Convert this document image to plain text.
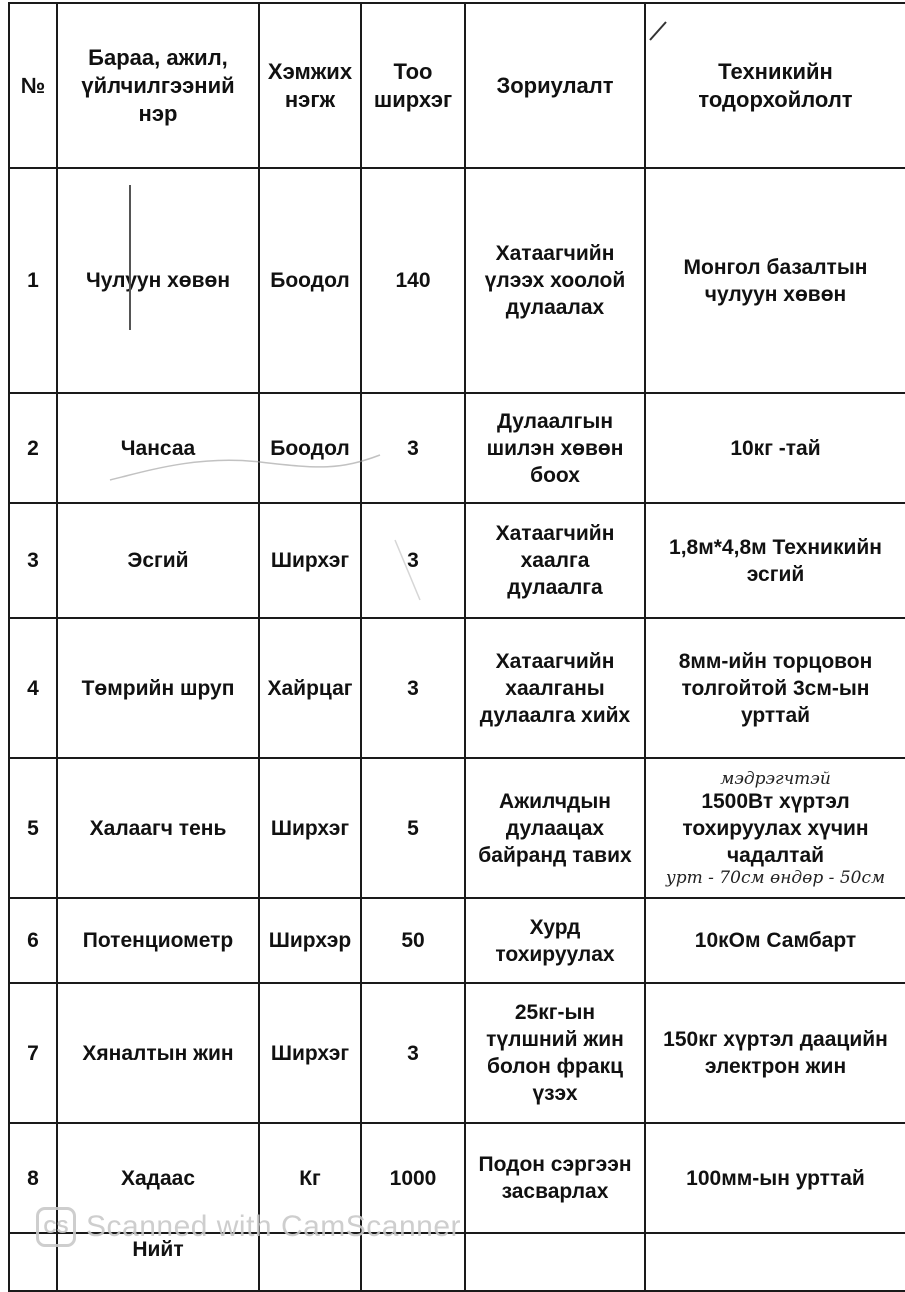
№	Бараа, ажил, үйлчилгээний нэр	Хэмжих нэгж	Тоо ширхэг	Зориулалт	Техникийн тодорхойлолт
1	Чулуун хөвөн	Боодол	140	Хатаагчийн үлээх хоолой дулаалах	Монгол базалтын чулуун хөвөн
2	Чансаа	Боодол	3	Дулаалгын шилэн хөвөн боох	10кг -тай
3	Эсгий	Ширхэг	3	Хатаагчийн хаалга дулаалга	1,8м*4,8м Техникийн эсгий
4	Төмрийн шруп	Хайрцаг	3	Хатаагчийн хаалганы дулаалга хийх	8мм-ийн торцовон толгойтой 3см-ын урттай
5	Халаагч тень	Ширхэг	5	Ажилчдын дулаацах байранд тавих	мэдрэгчтэй
1500Вт хүртэл тохируулах хүчин чадалтай
урт - 70см өндөр - 50см

6	Потенциометр	Ширхэр	50	Хурд тохируулах	10кОм Самбарт
7	Хяналтын жин	Ширхэг	3	25кг-ын түлшний жин болон фракц үзэх	150кг хүртэл даацийн электрон жин
8	Хадаас	Кг	1000	Подон сэргээн засварлах	100мм-ын урттай
	Нийт				
CS Scanned with CamScanner
